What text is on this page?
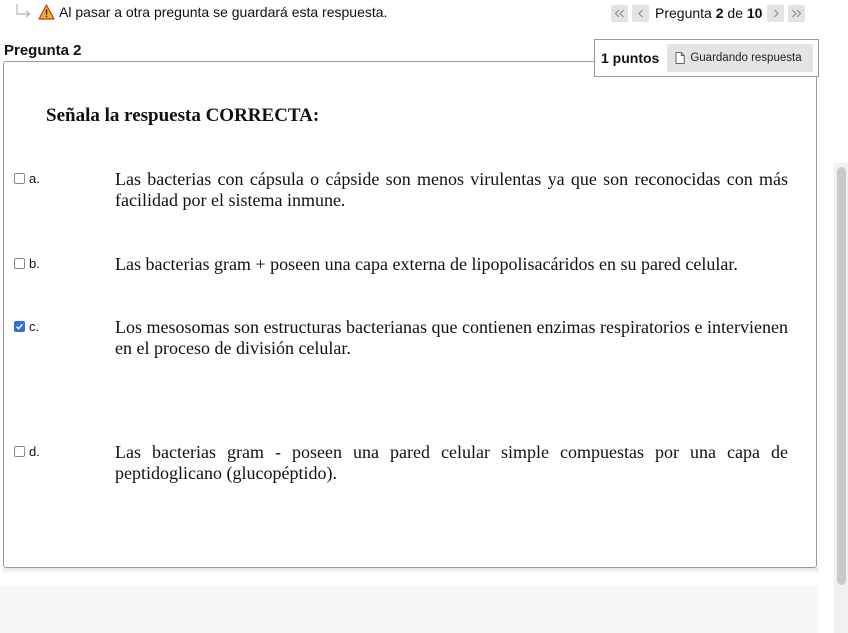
Al pasar a otra pregunta se guardará esta respuesta.	Pregunta 2 de 10
Pregunta 2	1 puntos	Guardando respuesta
Señala la respuesta CORRECTA:
a.	Las bacterias con cápsula o cápside son menos virulentas ya que son reconocidas con más facilidad por el sistema inmune.
b.	Las bacterias gram + poseen una capa externa de lipopolisacáridos en su pared celular.
c.	Los mesosomas son estructuras bacterianas que contienen enzimas respiratorios e intervienen en el proceso de división celular.
d.	Las bacterias gram - poseen una pared celular simple compuestas por una capa de peptidoglicano (glucopéptido).
